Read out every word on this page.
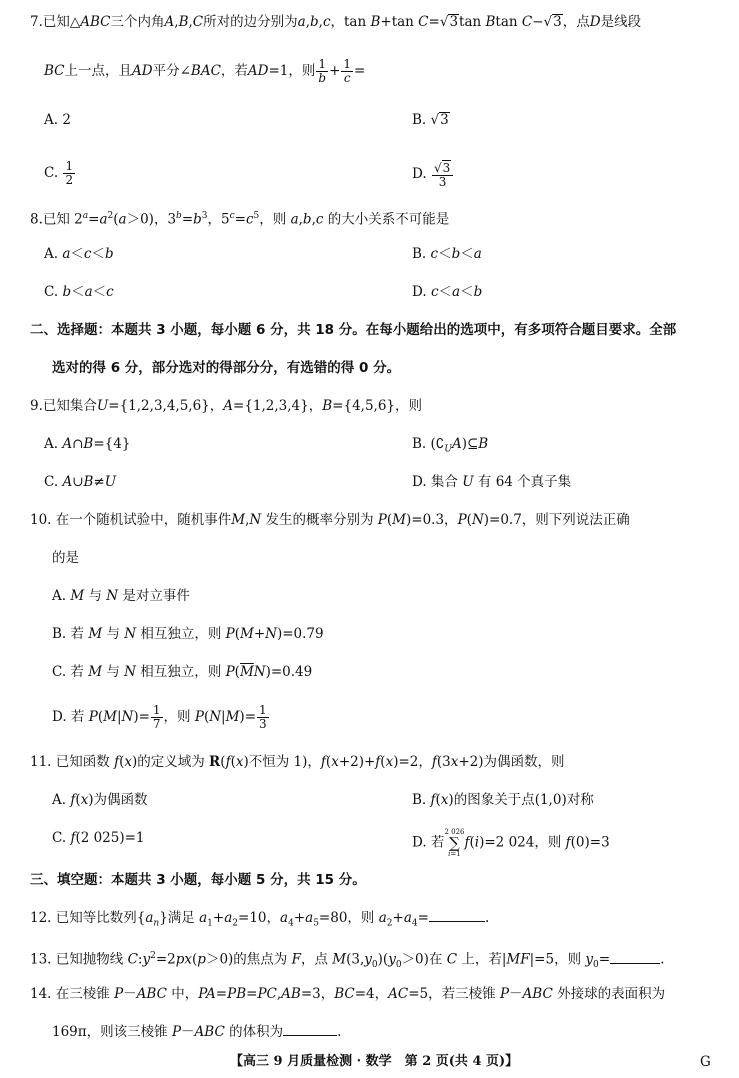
7.已知△ABC三个内角A,B,C所对的边分别为a,b,c，tan B+tan C=√3tan Btan C−√3，点D是线段
BC上一点，且AD平分∠BAC，若AD=1，则 $\frac{1}{b} + \frac{1}{c}$ =
A. 2	B. √3
C. $\frac{1}{2}$	D. $\frac{√3}{3}$
8.已知 $2^a=a^2(a>0)$，$3^b=b^3$，$5^c=c^5$，则 a,b,c 的大小关系不可能是
A. a＜c＜b	B. c＜b＜a
C. b＜a＜c	D. c＜a＜b
二、选择题：本题共 3 小题，每小题 6 分，共 18 分。在每小题给出的选项中，有多项符合题目要求。全部
选对的得 6 分，部分选对的得部分分，有选错的得 0 分。
9.已知集合U={1,2,3,4,5,6}，A={1,2,3,4}，B={4,5,6}，则
A. A∩B={4}	B. $(∁_UA)⊆B$
C. A∪B≠U	D. 集合 U 有 64 个真子集
10. 在一个随机试验中，随机事件M,N 发生的概率分别为 P(M)=0.3，P(N)=0.7，则下列说法正确
的是
A. M 与 N 是对立事件
B. 若 M 与 N 相互独立，则 P(M+N)=0.79
C. 若 M 与 N 相互独立，则 $P(\overline{M}N)=0.49$
D. 若 $P(M|N)= \frac{1}{7}$ ，则 $P(N|M)= \frac{1}{3}$
11. 已知函数 f(x)的定义域为 R(f(x)不恒为 1)，f(x+2)+f(x)=2，f(3x+2)为偶函数，则
A. f(x)为偶函数	B. f(x)的图象关于点(1,0)对称
C. f(2 025)=1	D. 若2 026
∑
i=1f(i)=2 024，则 f(0)=3
三、填空题：本题共 3 小题，每小题 5 分，共 15 分。
12. 已知等比数列$\{a_n\}$满足 $a_1+a_2=10$，$a_4+a_5=80$，则 $a_2+a_4=$	.
13. 已知抛物线 $C:y^2=2px(p>0)$的焦点为 F，点 $M(3,y_0)(y_0>0)$在 C 上，若|MF|=5，则 $y_0=$	.
14. 在三棱锥 P－ABC 中，PA=PB=PC,AB=3，BC=4，AC=5，若三棱锥 P－ABC 外接球的表面积为
169π，则该三棱锥 P－ABC 的体积为	.
【高三 9 月质量检测 · 数学　第 2 页(共 4 页)】	G
